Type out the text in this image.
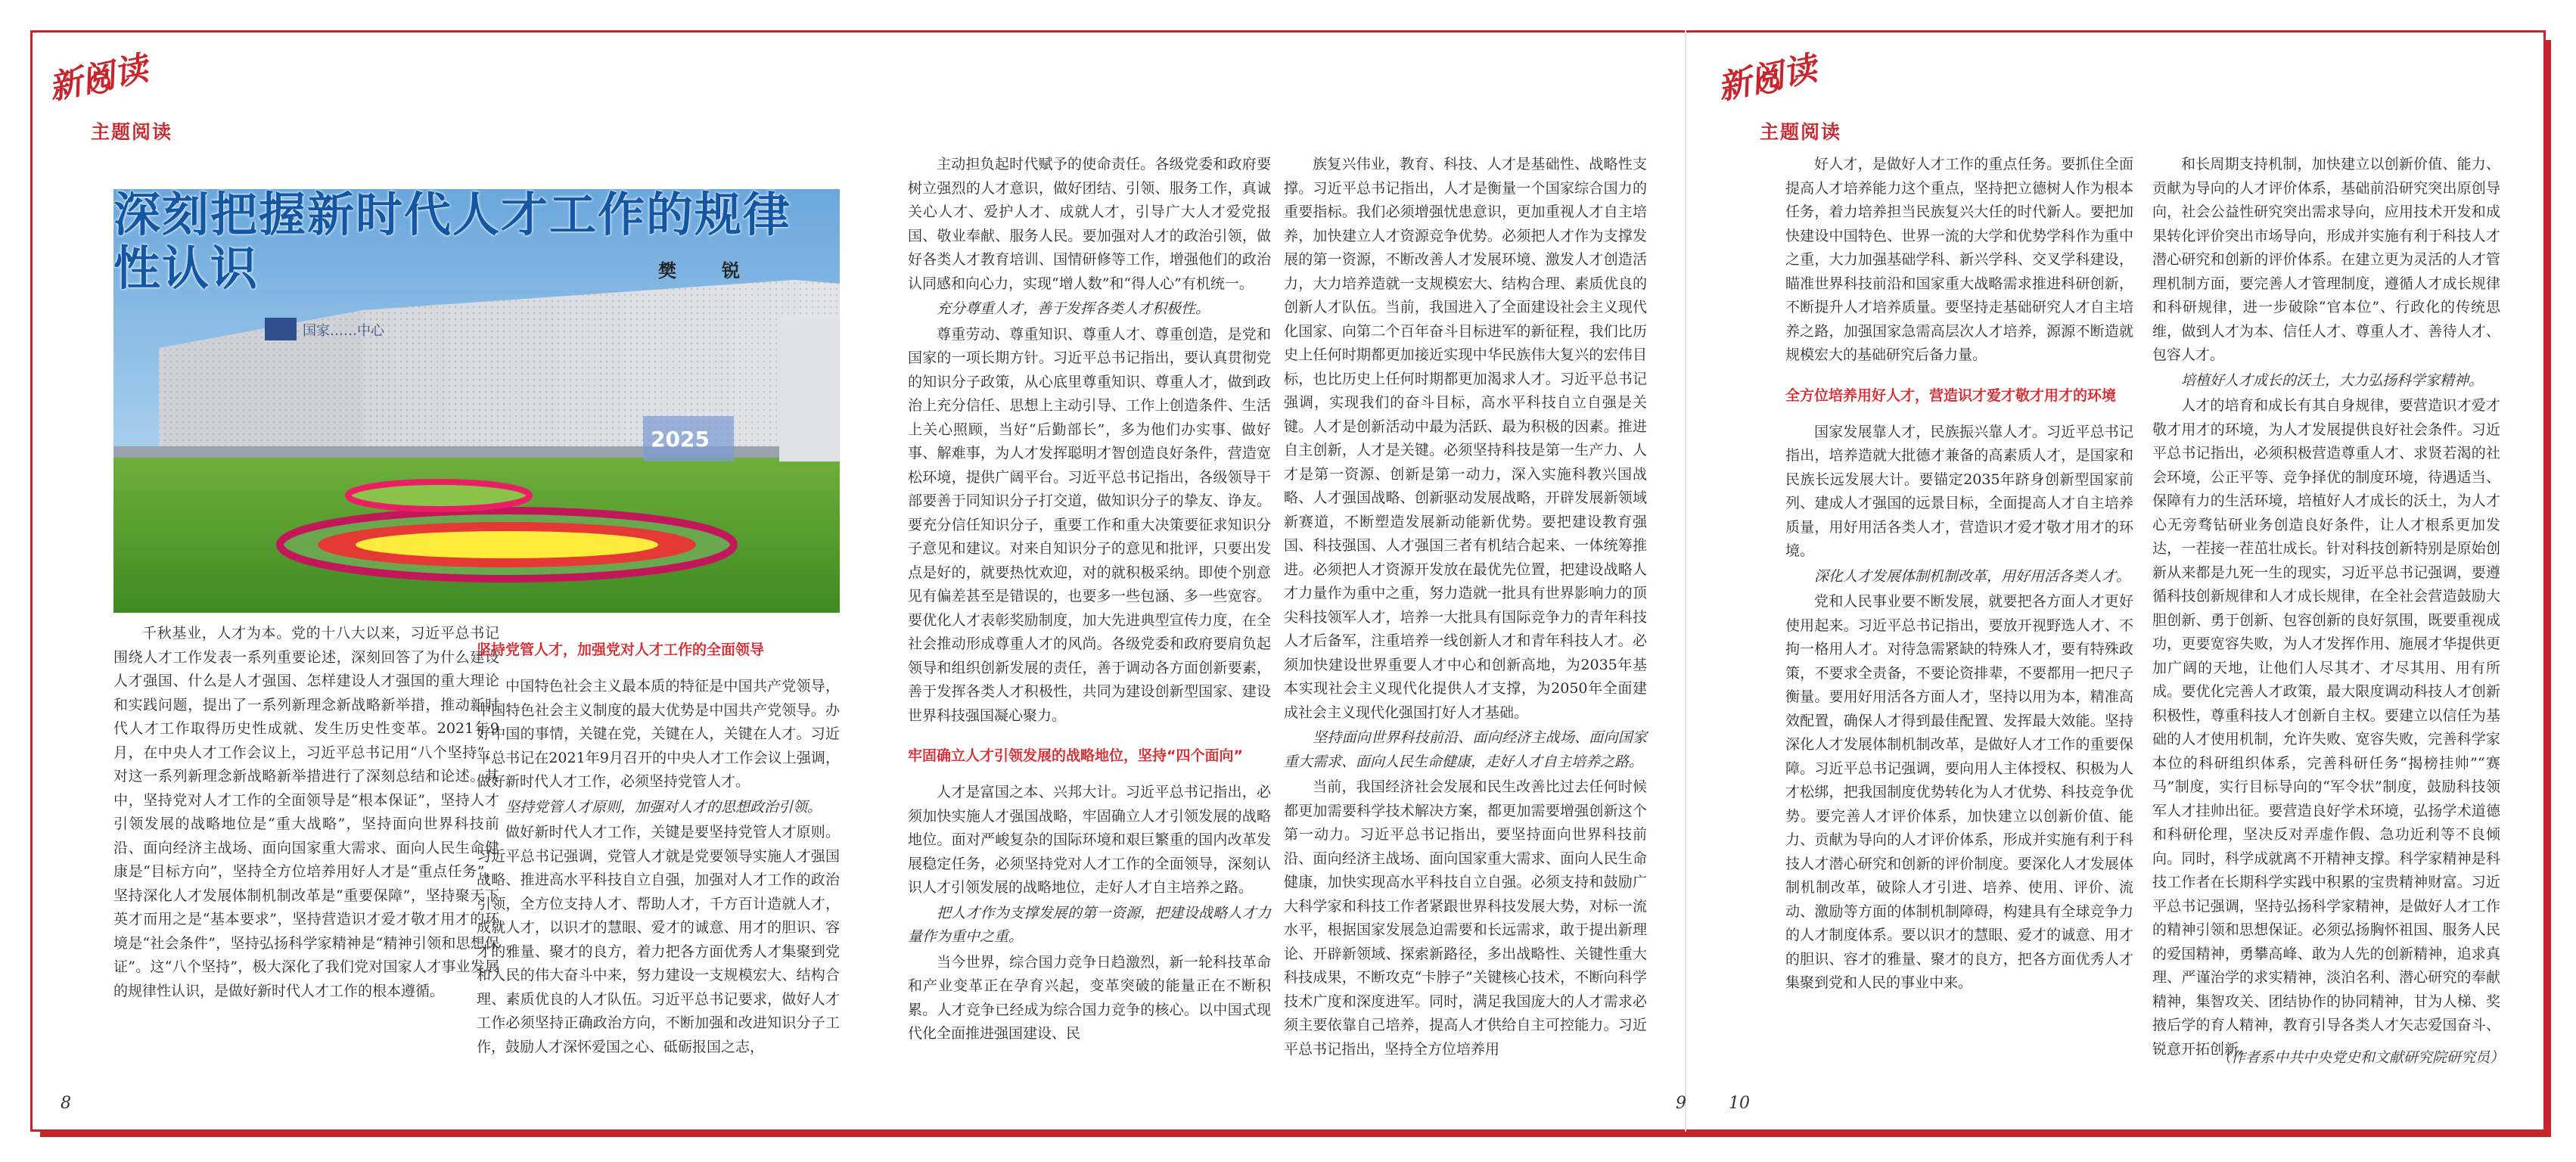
新阅读
主题阅读
新阅读
主题阅读
国家……中心
2025
深刻把握新时代人才工作的规律性认识	樊　锐

千秋基业，人才为本。党的十八大以来，习近平总书记围绕人才工作发表一系列重要论述，深刻回答了为什么建设人才强国、什么是人才强国、怎样建设人才强国的重大理论和实践问题，提出了一系列新理念新战略新举措，推动新时代人才工作取得历史性成就、发生历史性变革。2021年9月，在中央人才工作会议上，习近平总书记用“八个坚持”，对这一系列新理念新战略新举措进行了深刻总结和论述。其中，坚持党对人才工作的全面领导是“根本保证”，坚持人才引领发展的战略地位是“重大战略”，坚持面向世界科技前沿、面向经济主战场、面向国家重大需求、面向人民生命健康是“目标方向”，坚持全方位培养用好人才是“重点任务”，坚持深化人才发展体制机制改革是“重要保障”，坚持聚天下英才而用之是“基本要求”，坚持营造识才爱才敬才用才的环境是“社会条件”，坚持弘扬科学家精神是“精神引领和思想保证”。这“八个坚持”，极大深化了我们党对国家人才事业发展的规律性认识，是做好新时代人才工作的根本遵循。

坚持党管人才，加强党对人才工作的全面领导

中国特色社会主义最本质的特征是中国共产党领导，中国特色社会主义制度的最大优势是中国共产党领导。办好中国的事情，关键在党，关键在人，关键在人才。习近平总书记在2021年9月召开的中央人才工作会议上强调，做好新时代人才工作，必须坚持党管人才。

坚持党管人才原则，加强对人才的思想政治引领。

做好新时代人才工作，关键是要坚持党管人才原则。习近平总书记强调，党管人才就是党要领导实施人才强国战略、推进高水平科技自立自强，加强对人才工作的政治引领，全方位支持人才、帮助人才，千方百计造就人才，成就人才，以识才的慧眼、爱才的诚意、用才的胆识、容才的雅量、聚才的良方，着力把各方面优秀人才集聚到党和人民的伟大奋斗中来，努力建设一支规模宏大、结构合理、素质优良的人才队伍。习近平总书记要求，做好人才工作必须坚持正确政治方向，不断加强和改进知识分子工作，鼓励人才深怀爱国之心、砥砺报国之志，

主动担负起时代赋予的使命责任。各级党委和政府要树立强烈的人才意识，做好团结、引领、服务工作，真诚关心人才、爱护人才、成就人才，引导广大人才爱党报国、敬业奉献、服务人民。要加强对人才的政治引领，做好各类人才教育培训、国情研修等工作，增强他们的政治认同感和向心力，实现“增人数”和“得人心”有机统一。

充分尊重人才，善于发挥各类人才积极性。

尊重劳动、尊重知识、尊重人才、尊重创造，是党和国家的一项长期方针。习近平总书记指出，要认真贯彻党的知识分子政策，从心底里尊重知识、尊重人才，做到政治上充分信任、思想上主动引导、工作上创造条件、生活上关心照顾，当好“后勤部长”，多为他们办实事、做好事、解难事，为人才发挥聪明才智创造良好条件，营造宽松环境，提供广阔平台。习近平总书记指出，各级领导干部要善于同知识分子打交道，做知识分子的挚友、诤友。要充分信任知识分子，重要工作和重大决策要征求知识分子意见和建议。对来自知识分子的意见和批评，只要出发点是好的，就要热忱欢迎，对的就积极采纳。即使个别意见有偏差甚至是错误的，也要多一些包涵、多一些宽容。要优化人才表彰奖励制度，加大先进典型宣传力度，在全社会推动形成尊重人才的风尚。各级党委和政府要肩负起领导和组织创新发展的责任，善于调动各方面创新要素，善于发挥各类人才积极性，共同为建设创新型国家、建设世界科技强国凝心聚力。

牢固确立人才引领发展的战略地位，坚持“四个面向”

人才是富国之本、兴邦大计。习近平总书记指出，必须加快实施人才强国战略，牢固确立人才引领发展的战略地位。面对严峻复杂的国际环境和艰巨繁重的国内改革发展稳定任务，必须坚持党对人才工作的全面领导，深刻认识人才引领发展的战略地位，走好人才自主培养之路。

把人才作为支撑发展的第一资源，把建设战略人才力量作为重中之重。

当今世界，综合国力竞争日趋激烈，新一轮科技革命和产业变革正在孕育兴起，变革突破的能量正在不断积累。人才竞争已经成为综合国力竞争的核心。以中国式现代化全面推进强国建设、民

族复兴伟业，教育、科技、人才是基础性、战略性支撑。习近平总书记指出，人才是衡量一个国家综合国力的重要指标。我们必须增强忧患意识，更加重视人才自主培养，加快建立人才资源竞争优势。必须把人才作为支撑发展的第一资源，不断改善人才发展环境、激发人才创造活力，大力培养造就一支规模宏大、结构合理、素质优良的创新人才队伍。当前，我国进入了全面建设社会主义现代化国家、向第二个百年奋斗目标进军的新征程，我们比历史上任何时期都更加接近实现中华民族伟大复兴的宏伟目标，也比历史上任何时期都更加渴求人才。习近平总书记强调，实现我们的奋斗目标，高水平科技自立自强是关键。人才是创新活动中最为活跃、最为积极的因素。推进自主创新，人才是关键。必须坚持科技是第一生产力、人才是第一资源、创新是第一动力，深入实施科教兴国战略、人才强国战略、创新驱动发展战略，开辟发展新领域新赛道，不断塑造发展新动能新优势。要把建设教育强国、科技强国、人才强国三者有机结合起来、一体统筹推进。必须把人才资源开发放在最优先位置，把建设战略人才力量作为重中之重，努力造就一批具有世界影响力的顶尖科技领军人才，培养一大批具有国际竞争力的青年科技人才后备军，注重培养一线创新人才和青年科技人才。必须加快建设世界重要人才中心和创新高地，为2035年基本实现社会主义现代化提供人才支撑，为2050年全面建成社会主义现代化强国打好人才基础。

坚持面向世界科技前沿、面向经济主战场、面向国家重大需求、面向人民生命健康，走好人才自主培养之路。

当前，我国经济社会发展和民生改善比过去任何时候都更加需要科学技术解决方案，都更加需要增强创新这个第一动力。习近平总书记指出，要坚持面向世界科技前沿、面向经济主战场、面向国家重大需求、面向人民生命健康，加快实现高水平科技自立自强。必须支持和鼓励广大科学家和科技工作者紧跟世界科技发展大势，对标一流水平，根据国家发展急迫需要和长远需求，敢于提出新理论、开辟新领域、探索新路径，多出战略性、关键性重大科技成果，不断攻克“卡脖子”关键核心技术，不断向科学技术广度和深度进军。同时，满足我国庞大的人才需求必须主要依靠自己培养，提高人才供给自主可控能力。习近平总书记指出，坚持全方位培养用

好人才，是做好人才工作的重点任务。要抓住全面提高人才培养能力这个重点，坚持把立德树人作为根本任务，着力培养担当民族复兴大任的时代新人。要把加快建设中国特色、世界一流的大学和优势学科作为重中之重，大力加强基础学科、新兴学科、交叉学科建设，瞄准世界科技前沿和国家重大战略需求推进科研创新，不断提升人才培养质量。要坚持走基础研究人才自主培养之路，加强国家急需高层次人才培养，源源不断造就规模宏大的基础研究后备力量。

全方位培养用好人才，营造识才爱才敬才用才的环境

国家发展靠人才，民族振兴靠人才。习近平总书记指出，培养造就大批德才兼备的高素质人才，是国家和民族长远发展大计。要锚定2035年跻身创新型国家前列、建成人才强国的远景目标，全面提高人才自主培养质量，用好用活各类人才，营造识才爱才敬才用才的环境。

深化人才发展体制机制改革，用好用活各类人才。

党和人民事业要不断发展，就要把各方面人才更好使用起来。习近平总书记指出，要放开视野选人才、不拘一格用人才。对待急需紧缺的特殊人才，要有特殊政策，不要求全责备，不要论资排辈，不要都用一把尺子衡量。要用好用活各方面人才，坚持以用为本，精准高效配置，确保人才得到最佳配置、发挥最大效能。坚持深化人才发展体制机制改革，是做好人才工作的重要保障。习近平总书记强调，要向用人主体授权、积极为人才松绑，把我国制度优势转化为人才优势、科技竞争优势。要完善人才评价体系，加快建立以创新价值、能力、贡献为导向的人才评价体系，形成并实施有利于科技人才潜心研究和创新的评价制度。要深化人才发展体制机制改革，破除人才引进、培养、使用、评价、流动、激励等方面的体制机制障碍，构建具有全球竞争力的人才制度体系。要以识才的慧眼、爱才的诚意、用才的胆识、容才的雅量、聚才的良方，把各方面优秀人才集聚到党和人民的事业中来。

和长周期支持机制，加快建立以创新价值、能力、贡献为导向的人才评价体系，基础前沿研究突出原创导向，社会公益性研究突出需求导向，应用技术开发和成果转化评价突出市场导向，形成并实施有利于科技人才潜心研究和创新的评价体系。在建立更为灵活的人才管理机制方面，要完善人才管理制度，遵循人才成长规律和科研规律，进一步破除“官本位”、行政化的传统思维，做到人才为本、信任人才、尊重人才、善待人才、包容人才。

培植好人才成长的沃土，大力弘扬科学家精神。

人才的培育和成长有其自身规律，要营造识才爱才敬才用才的环境，为人才发展提供良好社会条件。习近平总书记指出，必须积极营造尊重人才、求贤若渴的社会环境，公正平等、竞争择优的制度环境，待遇适当、保障有力的生活环境，培植好人才成长的沃土，为人才心无旁骛钻研业务创造良好条件，让人才根系更加发达，一茬接一茬茁壮成长。针对科技创新特别是原始创新从来都是九死一生的现实，习近平总书记强调，要遵循科技创新规律和人才成长规律，在全社会营造鼓励大胆创新、勇于创新、包容创新的良好氛围，既要重视成功，更要宽容失败，为人才发挥作用、施展才华提供更加广阔的天地，让他们人尽其才、才尽其用、用有所成。要优化完善人才政策，最大限度调动科技人才创新积极性，尊重科技人才创新自主权。要建立以信任为基础的人才使用机制，允许失败、宽容失败，完善科学家本位的科研组织体系，完善科研任务“揭榜挂帅”“赛马”制度，实行目标导向的“军令状”制度，鼓励科技领军人才挂帅出征。要营造良好学术环境，弘扬学术道德和科研伦理，坚决反对弄虚作假、急功近利等不良倾向。同时，科学成就离不开精神支撑。科学家精神是科技工作者在长期科学实践中积累的宝贵精神财富。习近平总书记强调，坚持弘扬科学家精神，是做好人才工作的精神引领和思想保证。必须弘扬胸怀祖国、服务人民的爱国精神，勇攀高峰、敢为人先的创新精神，追求真理、严谨治学的求实精神，淡泊名利、潜心研究的奉献精神，集智攻关、团结协作的协同精神，甘为人梯、奖掖后学的育人精神，教育引导各类人才矢志爱国奋斗、锐意开拓创新。

（作者系中共中央党史和文献研究院研究员）
8	9	10
